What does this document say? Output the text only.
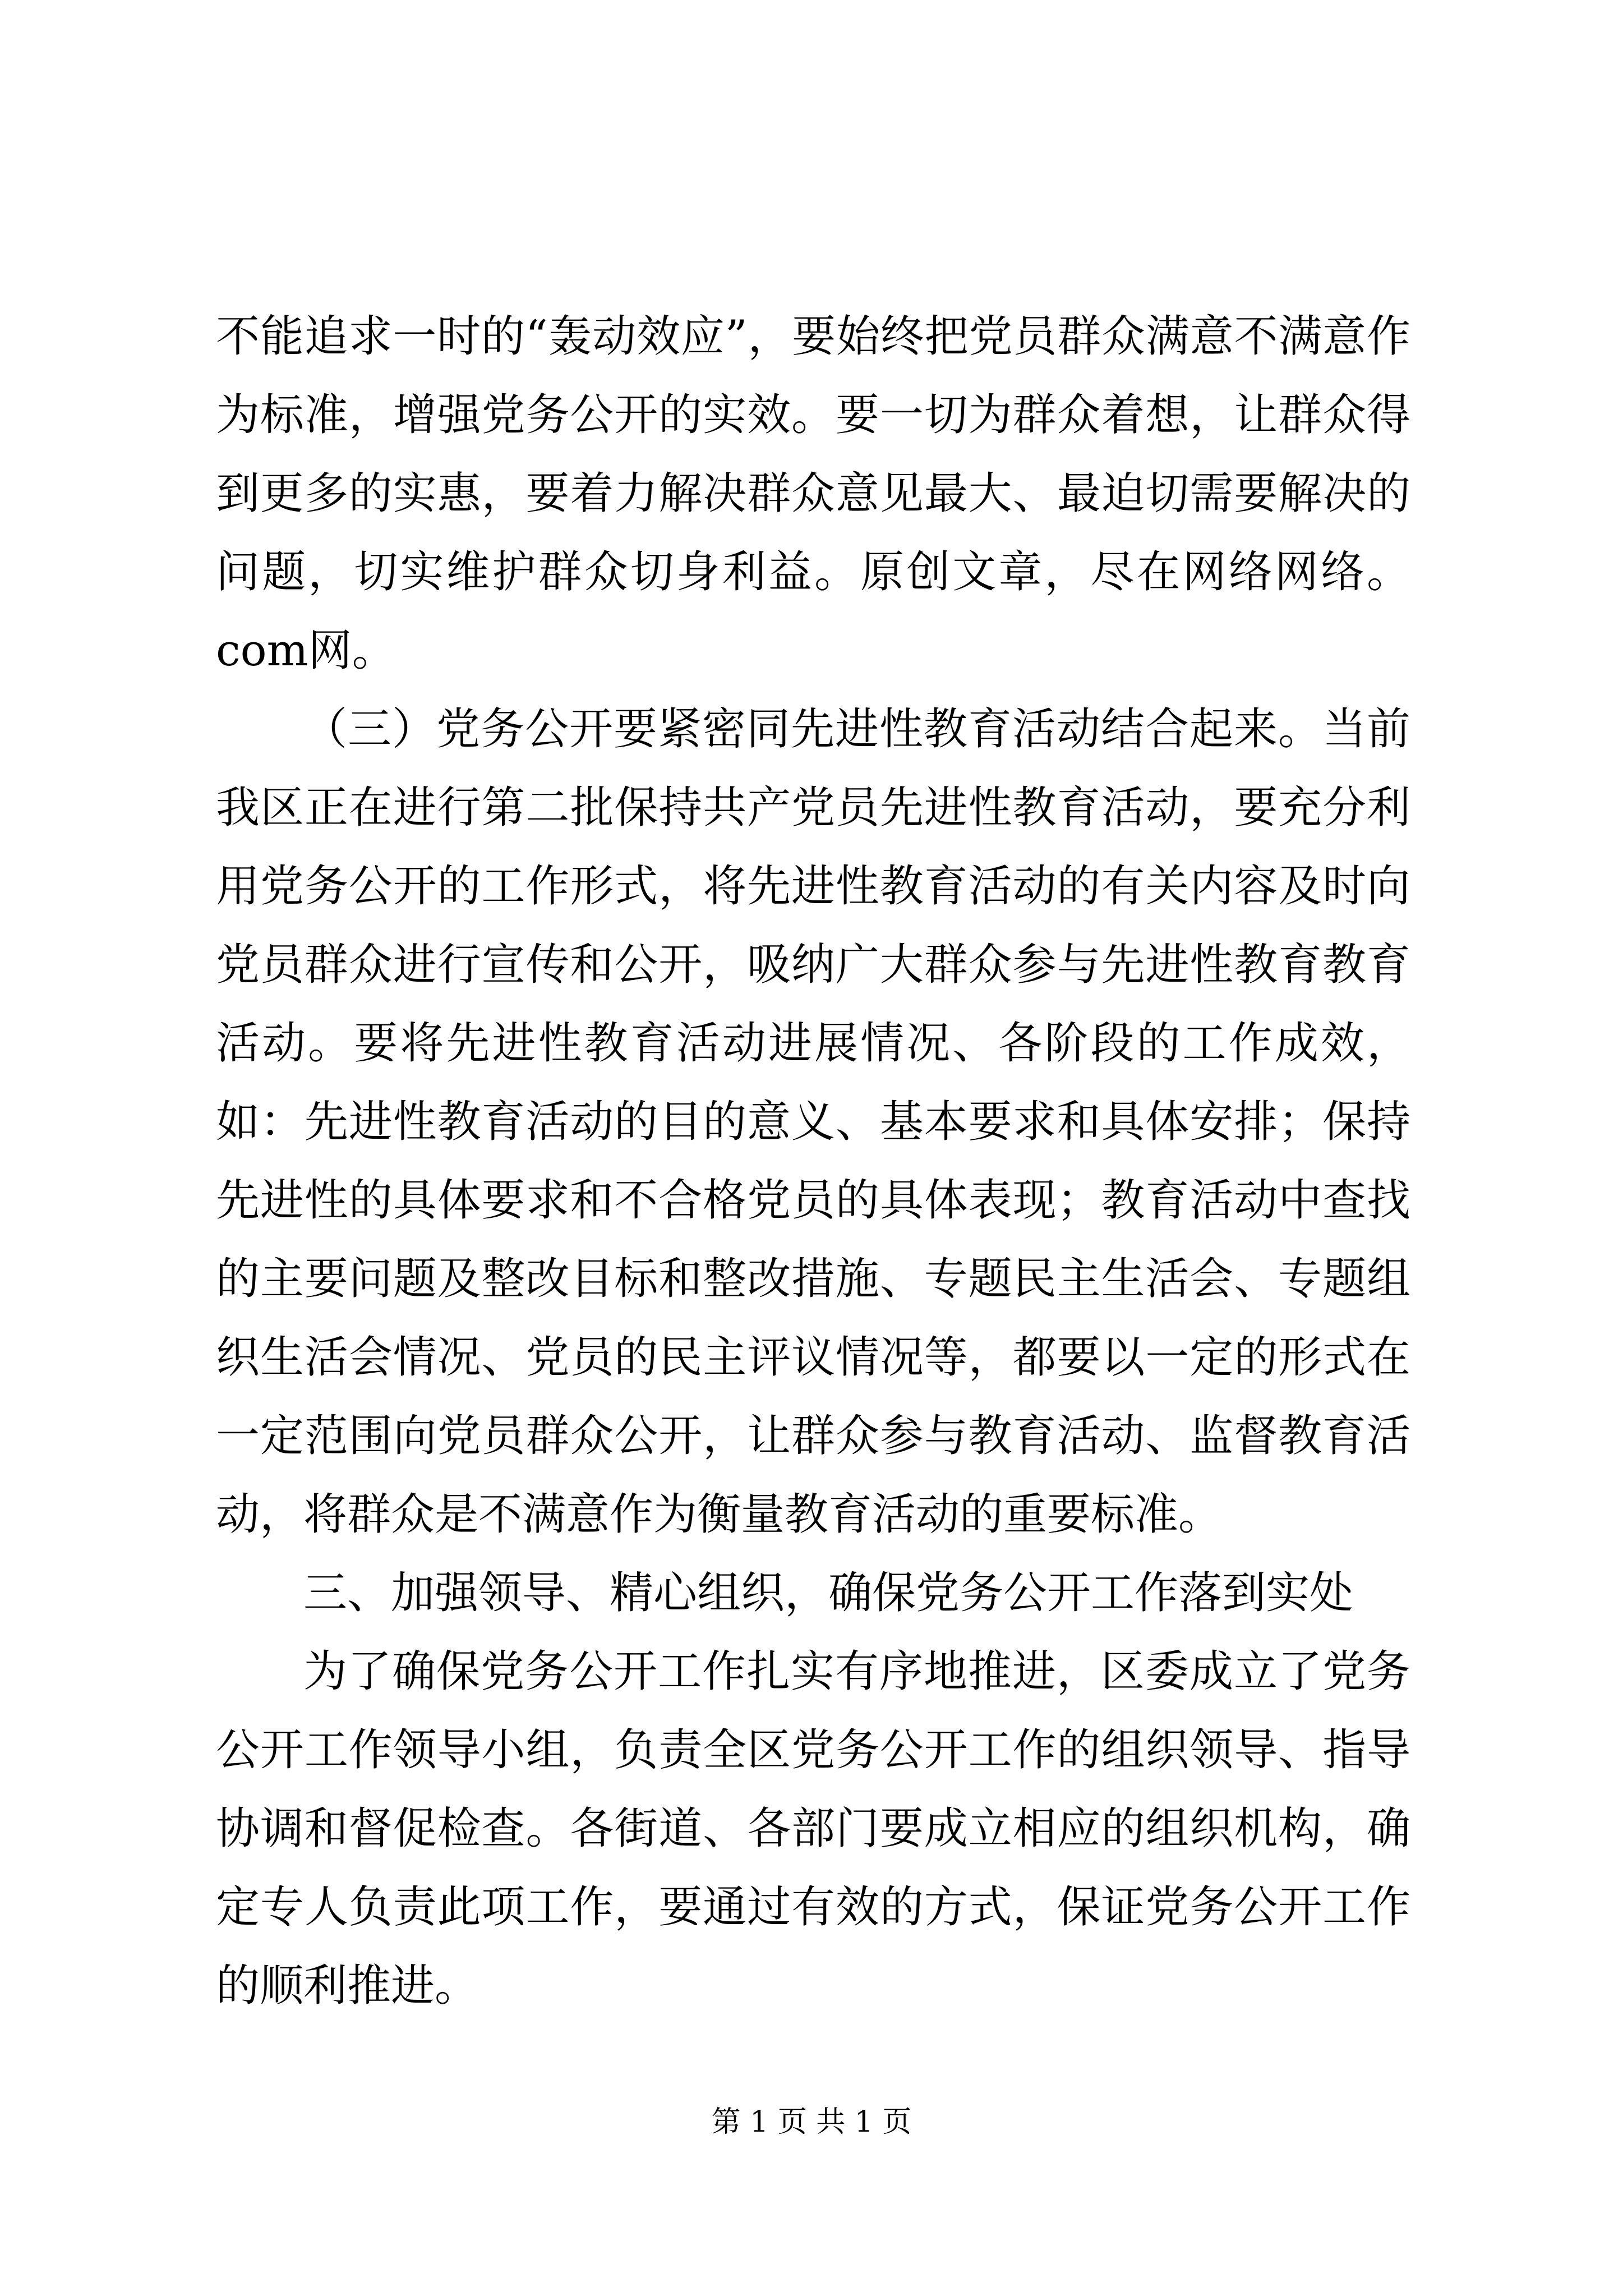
不能追求一时的“轰动效应”，要始终把党员群众满意不满意作为标准，增强党务公开的实效。要一切为群众着想，让群众得到更多的实惠，要着力解决群众意见最大、最迫切需要解决的问题，切实维护群众切身利益。原创文章，尽在网络网络。com网。

（三）党务公开要紧密同先进性教育活动结合起来。当前我区正在进行第二批保持共产党员先进性教育活动，要充分利用党务公开的工作形式，将先进性教育活动的有关内容及时向党员群众进行宣传和公开，吸纳广大群众参与先进性教育教育活动。要将先进性教育活动进展情况、各阶段的工作成效，如：先进性教育活动的目的意义、基本要求和具体安排；保持先进性的具体要求和不合格党员的具体表现；教育活动中查找的主要问题及整改目标和整改措施、专题民主生活会、专题组织生活会情况、党员的民主评议情况等，都要以一定的形式在一定范围向党员群众公开，让群众参与教育活动、监督教育活动，将群众是不满意作为衡量教育活动的重要标准。

三、加强领导、精心组织，确保党务公开工作落到实处

为了确保党务公开工作扎实有序地推进，区委成立了党务公开工作领导小组，负责全区党务公开工作的组织领导、指导协调和督促检查。各街道、各部门要成立相应的组织机构，确定专人负责此项工作，要通过有效的方式，保证党务公开工作的顺利推进。

第 1 页 共 1 页
